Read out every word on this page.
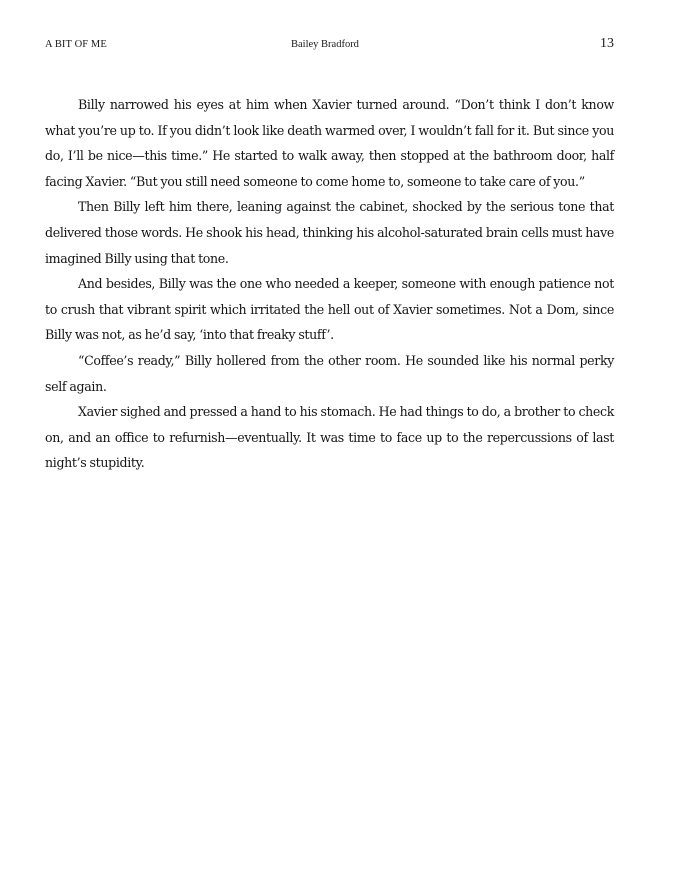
A BIT OF ME	Bailey Bradford	13

Billy narrowed his eyes at him when Xavier turned around. “Don’t think I don’t know what you’re up to. If you didn’t look like death warmed over, I wouldn’t fall for it. But since you do, I’ll be nice—this time.” He started to walk away, then stopped at the bathroom door, half facing Xavier. “But you still need someone to come home to, someone to take care of you.”

Then Billy left him there, leaning against the cabinet, shocked by the serious tone that delivered those words. He shook his head, thinking his alcohol-saturated brain cells must have imagined Billy using that tone.

And besides, Billy was the one who needed a keeper, someone with enough patience not to crush that vibrant spirit which irritated the hell out of Xavier sometimes. Not a Dom, since Billy was not, as he’d say, ‘into that freaky stuff’.

“Coffee’s ready,” Billy hollered from the other room. He sounded like his normal perky self again.

Xavier sighed and pressed a hand to his stomach. He had things to do, a brother to check on, and an office to refurnish—eventually. It was time to face up to the repercussions of last night’s stupidity.
